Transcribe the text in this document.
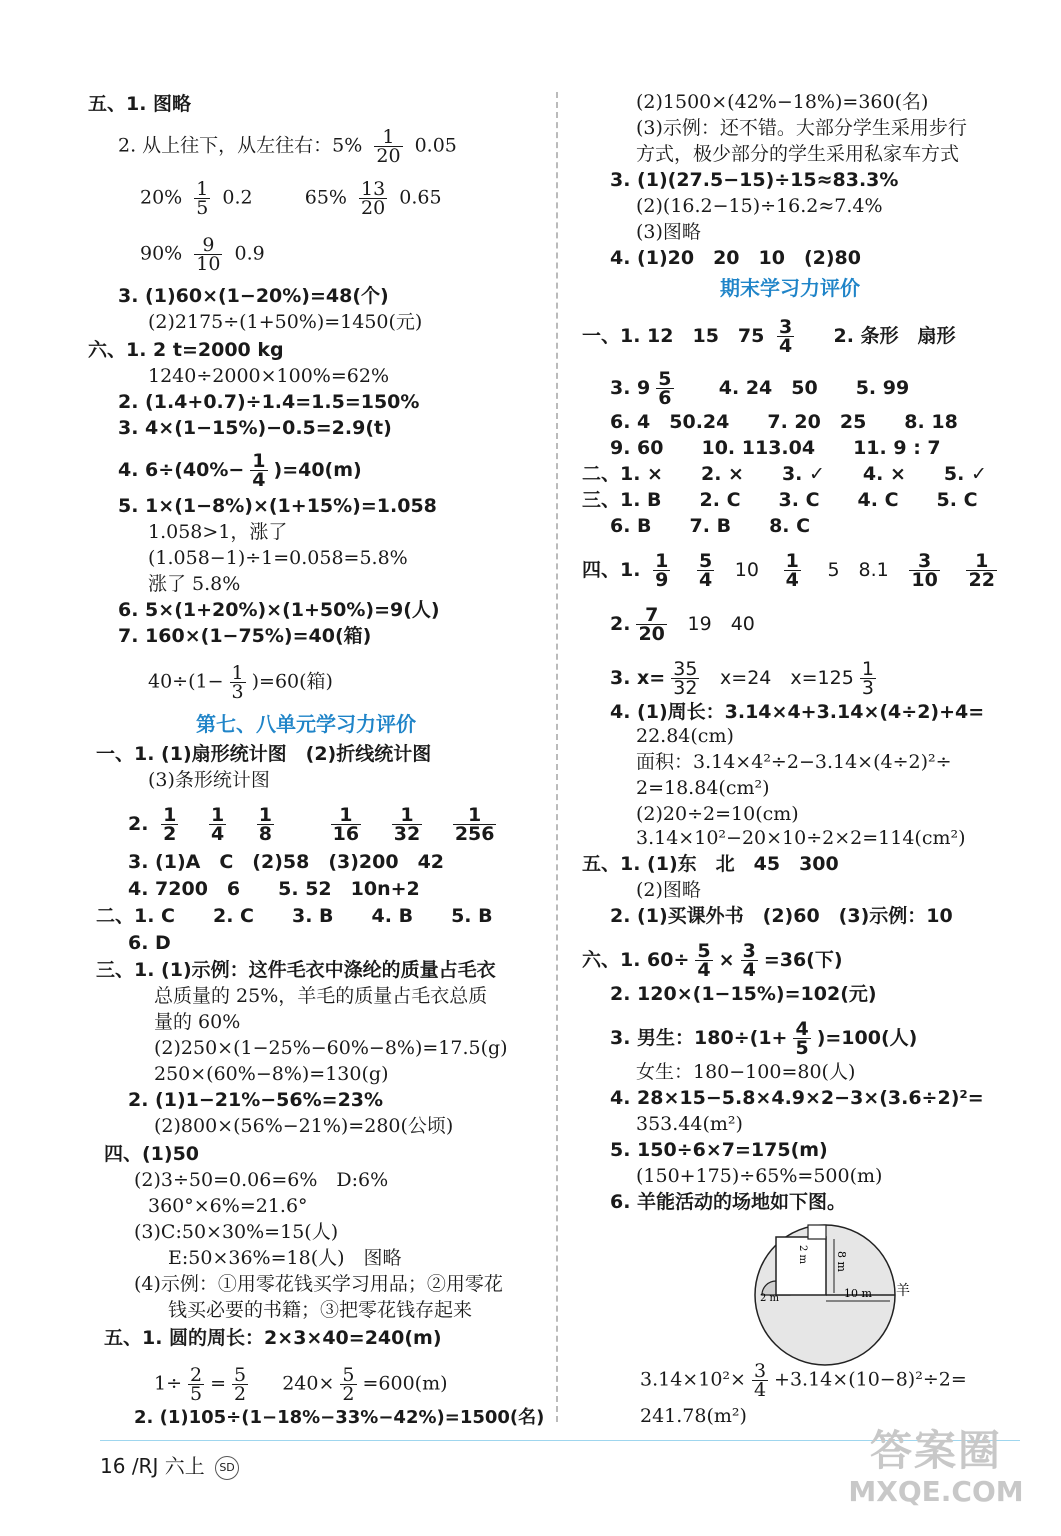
五、1. 图略
2. 从上往下，从左往右：$5\% \frac{1}{20} 0.05$
$20\% \frac{1}{5} 0.2$	$65\% \frac{13}{20} 0.65$
$90\% \frac{9}{10} 0.9$
3. (1)60×(1−20%)=48(个)
(2)2175÷(1+50%)=1450(元)
六、1. 2 t=2000 kg
1240÷2000×100%=62%
2. (1.4+0.7)÷1.4=1.5=150%
3. 4×(1−15%)−0.5=2.9(t)
4. $6\div(40\%- \frac{1}{4} )=40(m)$
5. 1×(1−8%)×(1+15%)=1.058
1.058>1，涨了
(1.058−1)÷1=0.058=5.8%
涨了 5.8%
6. 5×(1+20%)×(1+50%)=9(人)
7. 160×(1−75%)=40(箱)
$40\div(1- \frac{1}{3} )=60$(箱)
第七、八单元学习力评价
一、1. (1)扇形统计图　(2)折线统计图
(3)条形统计图
2. $\frac{1}{2}$
$\frac{1}{4}$
$\frac{1}{8}$
	$\frac{1}{16}$
$\frac{1}{32}$
$\frac{1}{256}$
3. (1)A　C　(2)58　(3)200　42
4. 7200　6　　5. 52　10n+2
二、1. C　　2. C　　3. B　　4. B　　5. B
6. D
三、1. (1)示例：这件毛衣中涤纶的质量占毛衣
总质量的 25%，羊毛的质量占毛衣总质
量的 60%
(2)250×(1−25%−60%−8%)=17.5(g)
250×(60%−8%)=130(g)
2. (1)1−21%−56%=23%
(2)800×(56%−21%)=280(公顷)
四、(1)50
(2)3÷50=0.06=6%　D:6%
360°×6%=21.6°
(3)C:50×30%=15(人)
E:50×36%=18(人)　图略
(4)示例：①用零花钱买学习用品；②用零花
钱买必要的书籍；③把零花钱存起来
五、1. 圆的周长：2×3×40=240(m)
$1\div \frac{2}{5} = \frac{5}{2} 240\times \frac{5}{2} =600(m)$
2. (1)105÷(1−18%−33%−42%)=1500(名)
(2)1500×(42%−18%)=360(名)
(3)示例：还不错。大部分学生采用步行
方式，极少部分的学生采用私家车方式
3. (1)(27.5−15)÷15≈83.3%
(2)(16.2−15)÷16.2≈7.4%
(3)图略
4. (1)20　20　10　(2)80
期末学习力评价
一、1. 12　15　$75 \frac{3}{4} 2$. 条形　扇形
3. $9 \frac{5}{6} 4$. 24　50　　5. 99
6. 4　50.24　　7. 20　25　　8. 18
9. 60　　10. 113.04　　11. 9 : 7
二、1. ×　　2. ×　　3. ✓　　4. ×　　5. ✓
三、1. B　　2. C　　3. C　　4. C　　5. C
6. B　　7. B　　8. C
四、1. $\frac{1}{9}$
$\frac{5}{4} 10 \frac{1}{4} 5$　$8.1 \frac{3}{10}$
$\frac{1}{22}$
2. $\frac{7}{20} 19$　40
3. $x= \frac{35}{32} x=24$　$x=125 \frac{1}{3}$
4. (1)周长：3.14×4+3.14×(4÷2)+4=
22.84(cm)
面积：3.14×4²÷2−3.14×(4÷2)²÷
2=18.84(cm²)
(2)20÷2=10(cm)
3.14×10²−20×10÷2×2=114(cm²)
五、1. (1)东　北　45　300
(2)图略
2. (1)买课外书　(2)60　(3)示例：10
六、1. $60\div \frac{5}{4} \times \frac{3}{4} =36$(下)
2. 120×(1−15%)=102(元)
3. 男生：$180\div(1+ \frac{4}{5} )=100$(人)
女生：180−100=80(人)
4. 28×15−5.8×4.9×2−3×(3.6÷2)²=
353.44(m²)
5. 150÷6×7=175(m)
(150+175)÷65%=500(m)
6. 羊能活动的场地如下图。
2 m 8 m
10 m
2 m	羊
$3.14\times 10^2\times \frac{3}{4} +3.14\times(10-8)^2\div 2=$
241.78(m²)
16 /RJ 六上 SD	答案圈
MXQE.COM
